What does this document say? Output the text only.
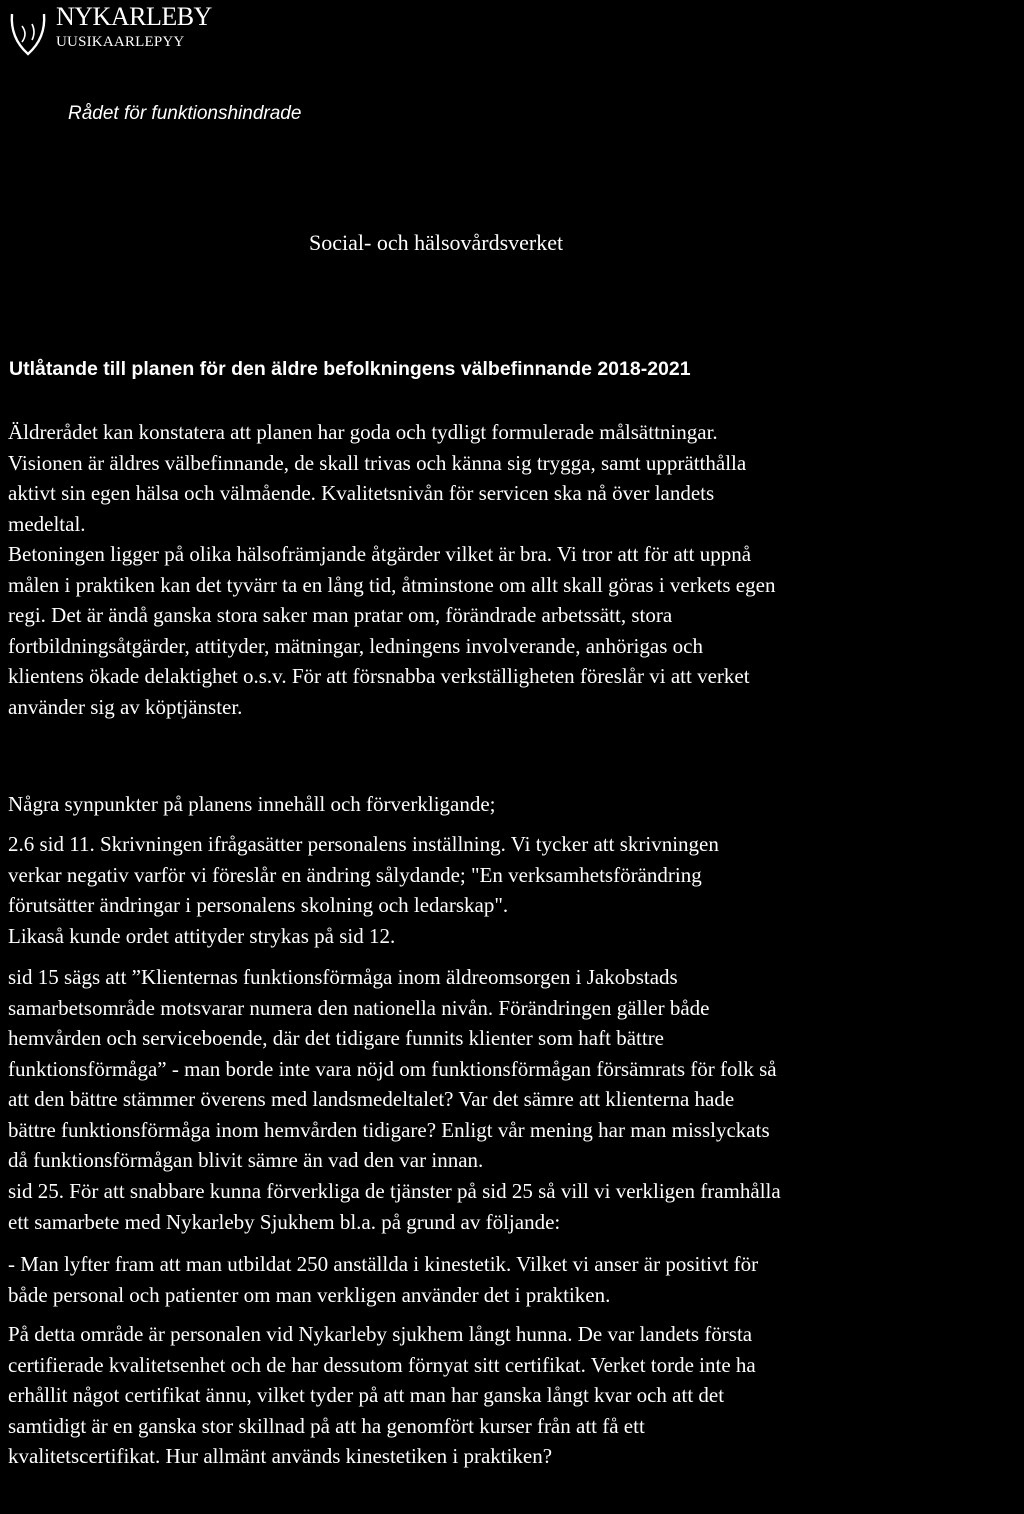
NYKARLEBY
UUSIKAARLEPYY
Rådet för funktionshindrade
Social- och hälsovårdsverket
Utlåtande till planen för den äldre befolkningens välbefinnande 2018-2021
Äldrerådet kan konstatera att planen har goda och tydligt formulerade målsättningar.
Visionen är äldres välbefinnande, de skall trivas och känna sig trygga, samt upprätthålla
aktivt sin egen hälsa och välmående. Kvalitetsnivån för servicen ska nå över landets
medeltal.
Betoningen ligger på olika hälsofrämjande åtgärder vilket är bra. Vi tror att för att uppnå
målen i praktiken kan det tyvärr ta en lång tid, åtminstone om allt skall göras i verkets egen
regi. Det är ändå ganska stora saker man pratar om, förändrade arbetssätt, stora
fortbildningsåtgärder, attityder, mätningar, ledningens involverande, anhörigas och
klientens ökade delaktighet o.s.v. För att försnabba verkställigheten föreslår vi att verket
använder sig av köptjänster.
Några synpunkter på planens innehåll och förverkligande;
2.6 sid 11. Skrivningen ifrågasätter personalens inställning. Vi tycker att skrivningen
verkar negativ varför vi föreslår en ändring sålydande; "En verksamhetsförändring
förutsätter ändringar i personalens skolning och ledarskap".
Likaså kunde ordet attityder strykas på sid 12.
sid 15 sägs att ”Klienternas funktionsförmåga inom äldreomsorgen i Jakobstads
samarbetsområde motsvarar numera den nationella nivån. Förändringen gäller både
hemvården och serviceboende, där det tidigare funnits klienter som haft bättre
funktionsförmåga” - man borde inte vara nöjd om funktionsförmågan försämrats för folk så
att den bättre stämmer överens med landsmedeltalet? Var det sämre att klienterna hade
bättre funktionsförmåga inom hemvården tidigare? Enligt vår mening har man misslyckats
då funktionsförmågan blivit sämre än vad den var innan.
sid 25. För att snabbare kunna förverkliga de tjänster på sid 25 så vill vi verkligen framhålla
ett samarbete med Nykarleby Sjukhem bl.a. på grund av följande:
- Man lyfter fram att man utbildat 250 anställda i kinestetik. Vilket vi anser är positivt för
både personal och patienter om man verkligen använder det i praktiken.
På detta område är personalen vid Nykarleby sjukhem långt hunna. De var landets första
certifierade kvalitetsenhet och de har dessutom förnyat sitt certifikat. Verket torde inte ha
erhållit något certifikat ännu, vilket tyder på att man har ganska långt kvar och att det
samtidigt är en ganska stor skillnad på att ha genomfört kurser från att få ett
kvalitetscertifikat. Hur allmänt används kinestetiken i praktiken?
